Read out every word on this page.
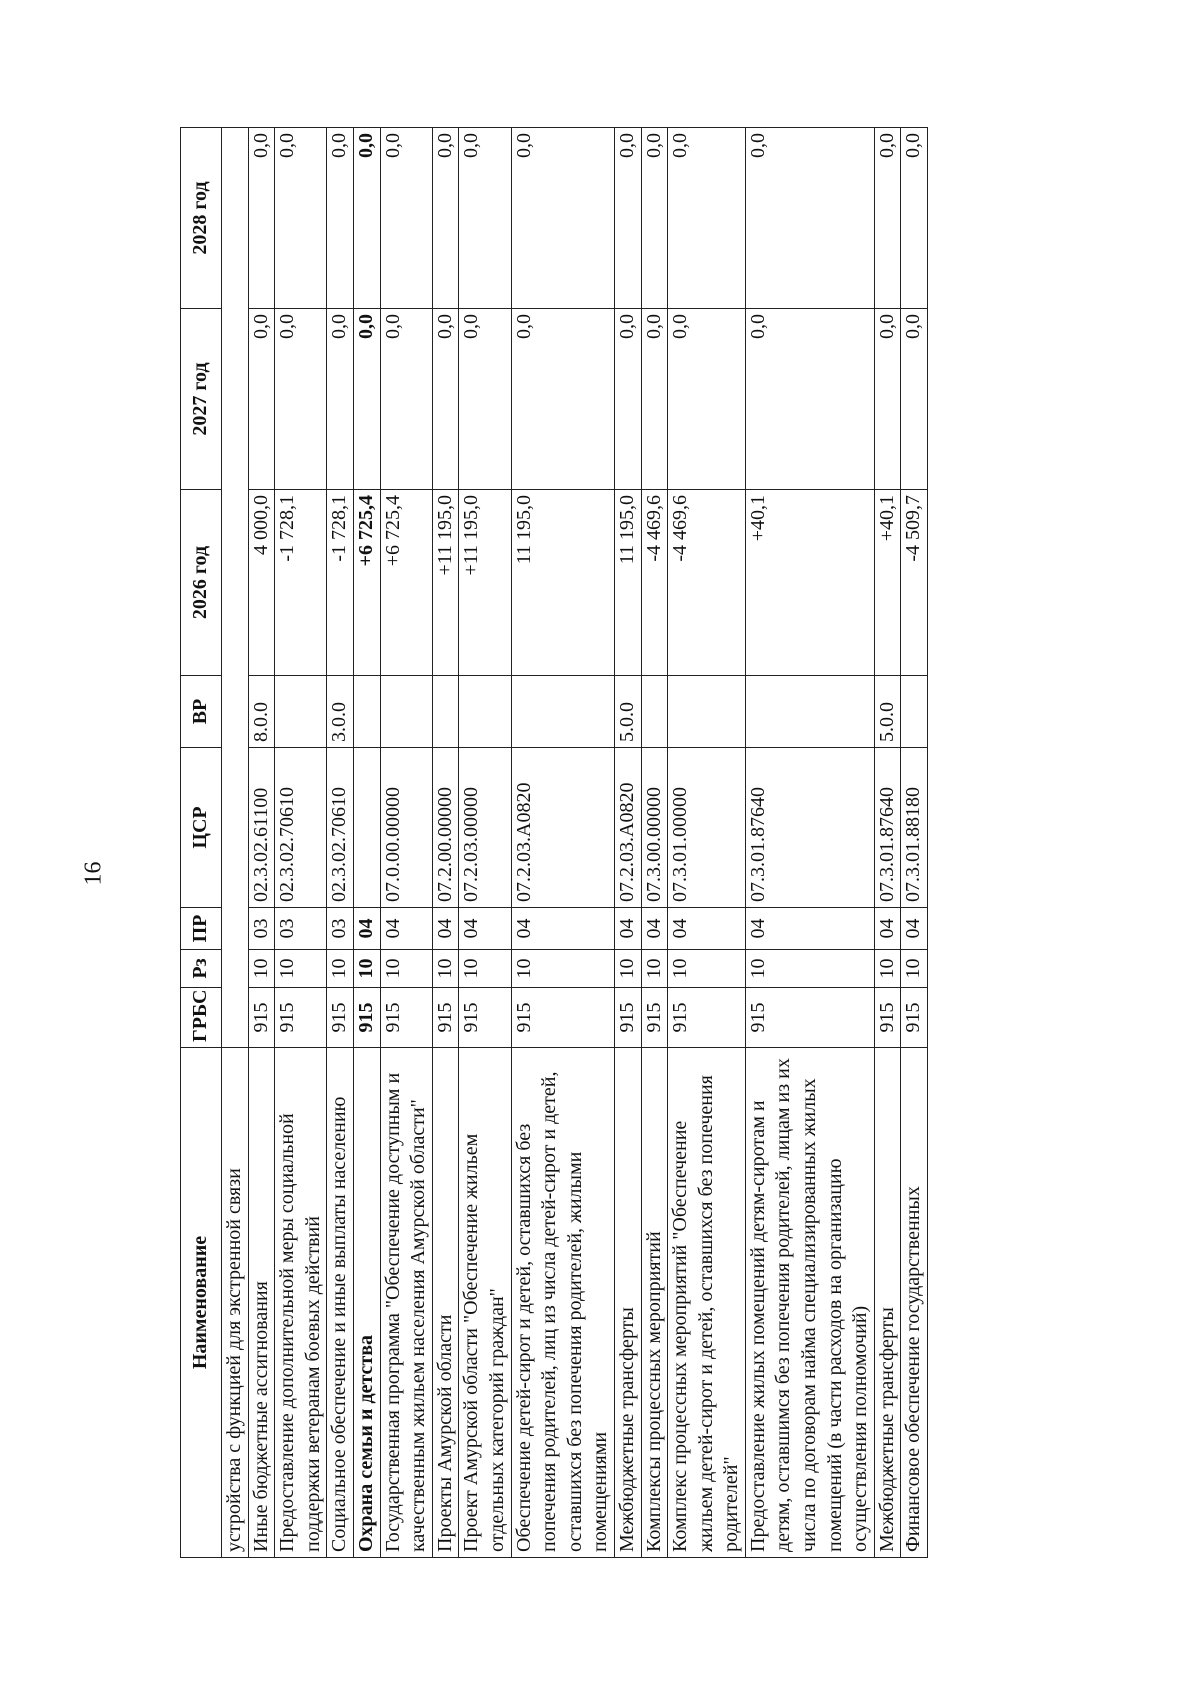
16
Наименование	ГРБС	Рз	ПР	ЦСР	ВР	2026 год	2027 год	2028 год
устройства с функцией для экстренной связи								
Иные бюджетные ассигнования	915	10	03	02.3.02.61100	8.0.0	4 000,0	0,0	0,0
Предоставление дополнительной меры социальной поддержки ветеранам боевых действий	915	10	03	02.3.02.70610		-1 728,1	0,0	0,0
Социальное обеспечение и иные выплаты населению	915	10	03	02.3.02.70610	3.0.0	-1 728,1	0,0	0,0
Охрана семьи и детства	915	10	04			+6 725,4	0,0	0,0
Государственная программа "Обеспечение доступным и качественным жильем населения Амурской области"	915	10	04	07.0.00.00000		+6 725,4	0,0	0,0
Проекты Амурской области	915	10	04	07.2.00.00000		+11 195,0	0,0	0,0
Проект Амурской области "Обеспечение жильем отдельных категорий граждан"	915	10	04	07.2.03.00000		+11 195,0	0,0	0,0
Обеспечение детей-сирот и детей, оставшихся без попечения родителей, лиц из числа детей-сирот и детей, оставшихся без попечения родителей, жилыми помещениями	915	10	04	07.2.03.A0820		11 195,0	0,0	0,0
Межбюджетные трансферты	915	10	04	07.2.03.A0820	5.0.0	11 195,0	0,0	0,0
Комплексы процессных мероприятий	915	10	04	07.3.00.00000		-4 469,6	0,0	0,0
Комплекс процессных мероприятий "Обеспечение жильем детей-сирот и детей, оставшихся без попечения родителей"	915	10	04	07.3.01.00000		-4 469,6	0,0	0,0
Предоставление жилых помещений детям-сиротам и детям, оставшимся без попечения родителей, лицам из их числа по договорам найма специализированных жилых помещений (в части расходов на организацию осуществления полномочий)	915	10	04	07.3.01.87640		+40,1	0,0	0,0
Межбюджетные трансферты	915	10	04	07.3.01.87640	5.0.0	+40,1	0,0	0,0
Финансовое обеспечение государственных	915	10	04	07.3.01.88180		-4 509,7	0,0	0,0
